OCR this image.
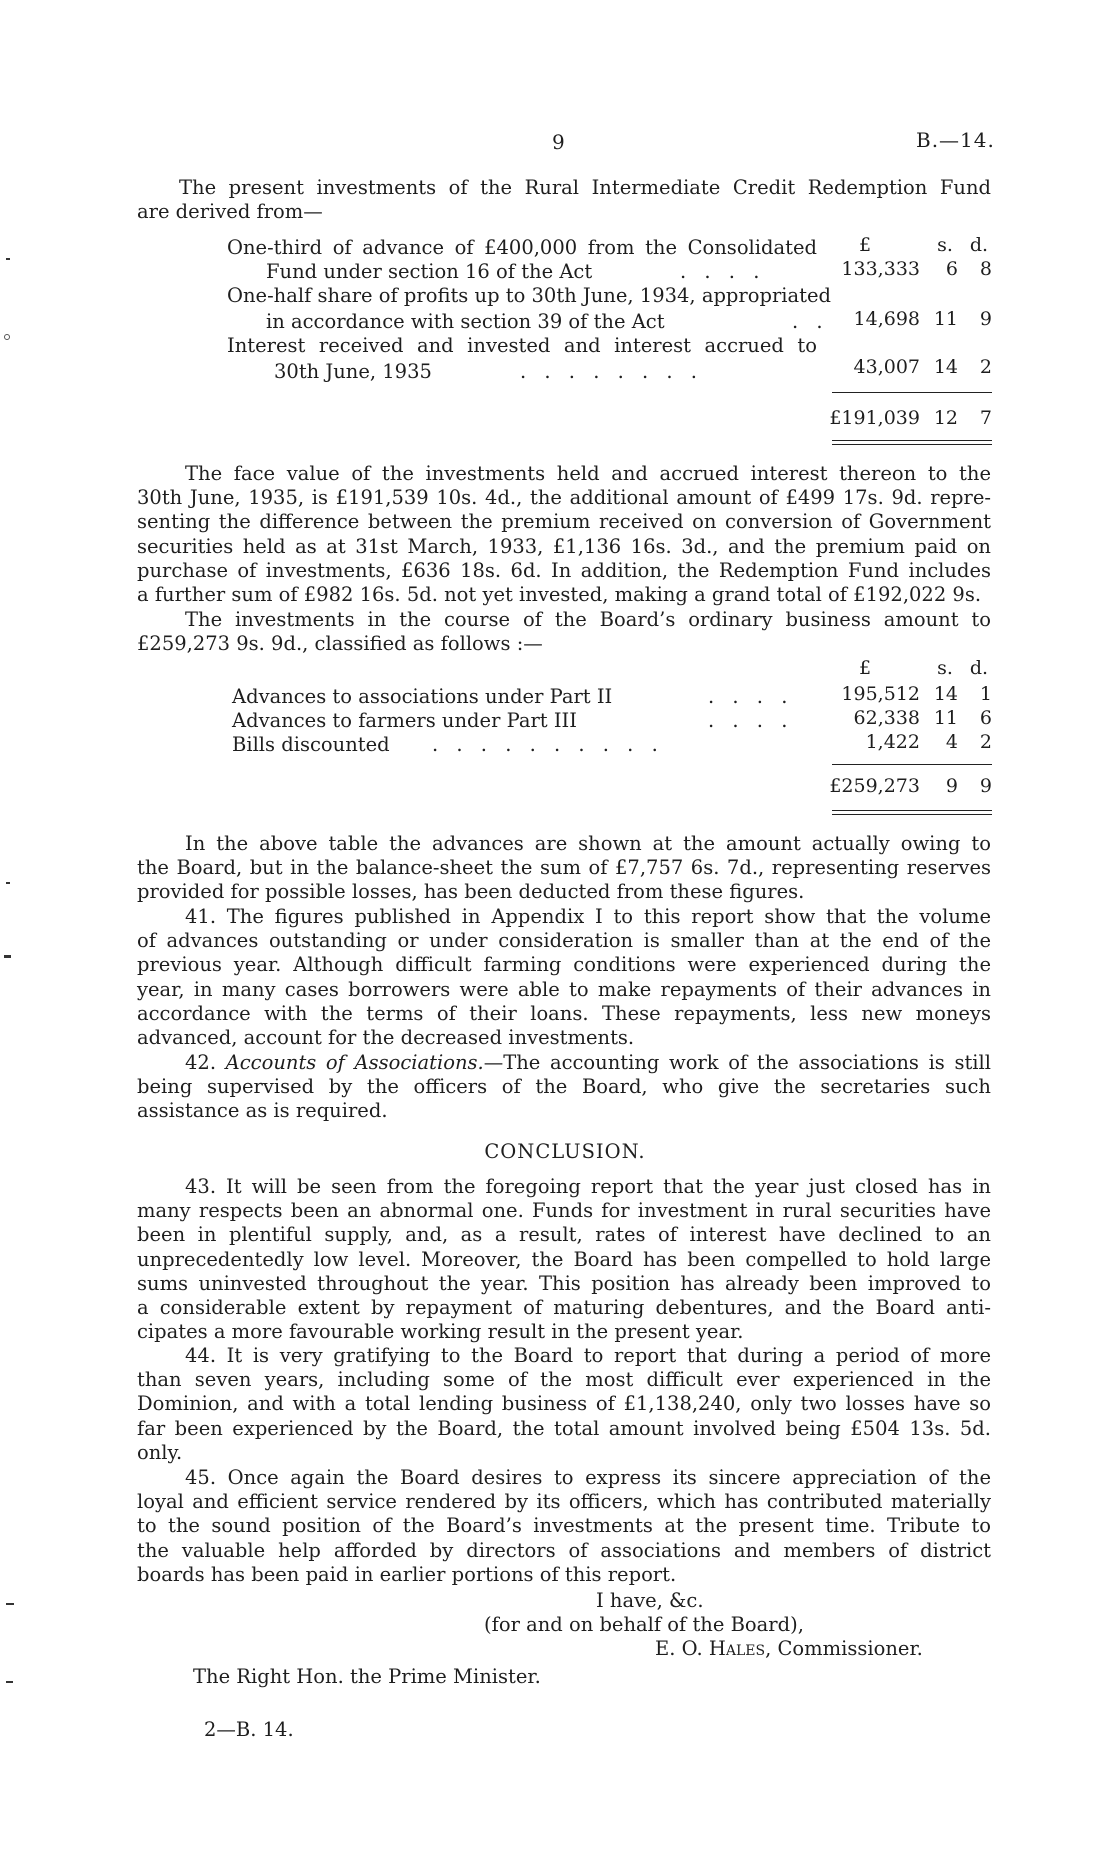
9	B.—14.
The present investments of the Rural Intermediate Credit Redemption Fund
are derived from—
£	s. d.
One-third of advance of £400,000 from the Consolidated
Fund under section 16 of the Act	. . . .	133,333	6	8
One-half share of profits up to 30th June, 1934, appropriated
in accordance with section 39 of the Act	. .	14,698 11	9
Interest received and invested and interest accrued to
30th June, 1935	. . . . . . . .	43,007 14	2
£191,039 12	7
The face value of the investments held and accrued interest thereon to the
30th June, 1935, is £191,539 10s. 4d., the additional amount of £499 17s. 9d. repre-
senting the difference between the premium received on conversion of Government
securities held as at 31st March, 1933, £1,136 16s. 3d., and the premium paid on
purchase of investments, £636 18s. 6d. In addition, the Redemption Fund includes
a further sum of £982 16s. 5d. not yet invested, making a grand total of £192,022 9s.
The investments in the course of the Board’s ordinary business amount to
£259,273 9s. 9d., classified as follows :—
£	s. d.
Advances to associations under Part II	. . . .	195,512 14	1
Advances to farmers under Part III	. . . .	62,338 11	6
Bills discounted . . . . . . . . . .	1,422	4	2
£259,273	9	9
In the above table the advances are shown at the amount actually owing to
the Board, but in the balance-sheet the sum of £7,757 6s. 7d., representing reserves
provided for possible losses, has been deducted from these figures.
41. The figures published in Appendix I to this report show that the volume
of advances outstanding or under consideration is smaller than at the end of the
previous year. Although difficult farming conditions were experienced during the
year, in many cases borrowers were able to make repayments of their advances in
accordance with the terms of their loans. These repayments, less new moneys
advanced, account for the decreased investments.
42. Accounts of Associations.—The accounting work of the associations is still
being supervised by the officers of the Board, who give the secretaries such
assistance as is required.
CONCLUSION.
43. It will be seen from the foregoing report that the year just closed has in
many respects been an abnormal one. Funds for investment in rural securities have
been in plentiful supply, and, as a result, rates of interest have declined to an
unprecedentedly low level. Moreover, the Board has been compelled to hold large
sums uninvested throughout the year. This position has already been improved to
a considerable extent by repayment of maturing debentures, and the Board anti-
cipates a more favourable working result in the present year.
44. It is very gratifying to the Board to report that during a period of more
than seven years, including some of the most difficult ever experienced in the
Dominion, and with a total lending business of £1,138,240, only two losses have so
far been experienced by the Board, the total amount involved being £504 13s. 5d.
only.
45. Once again the Board desires to express its sincere appreciation of the
loyal and efficient service rendered by its officers, which has contributed materially
to the sound position of the Board’s investments at the present time. Tribute to
the valuable help afforded by directors of associations and members of district
boards has been paid in earlier portions of this report.
I have, &c.
(for and on behalf of the Board),
E. O. Hales, Commissioner.
The Right Hon. the Prime Minister.
2—B. 14.
